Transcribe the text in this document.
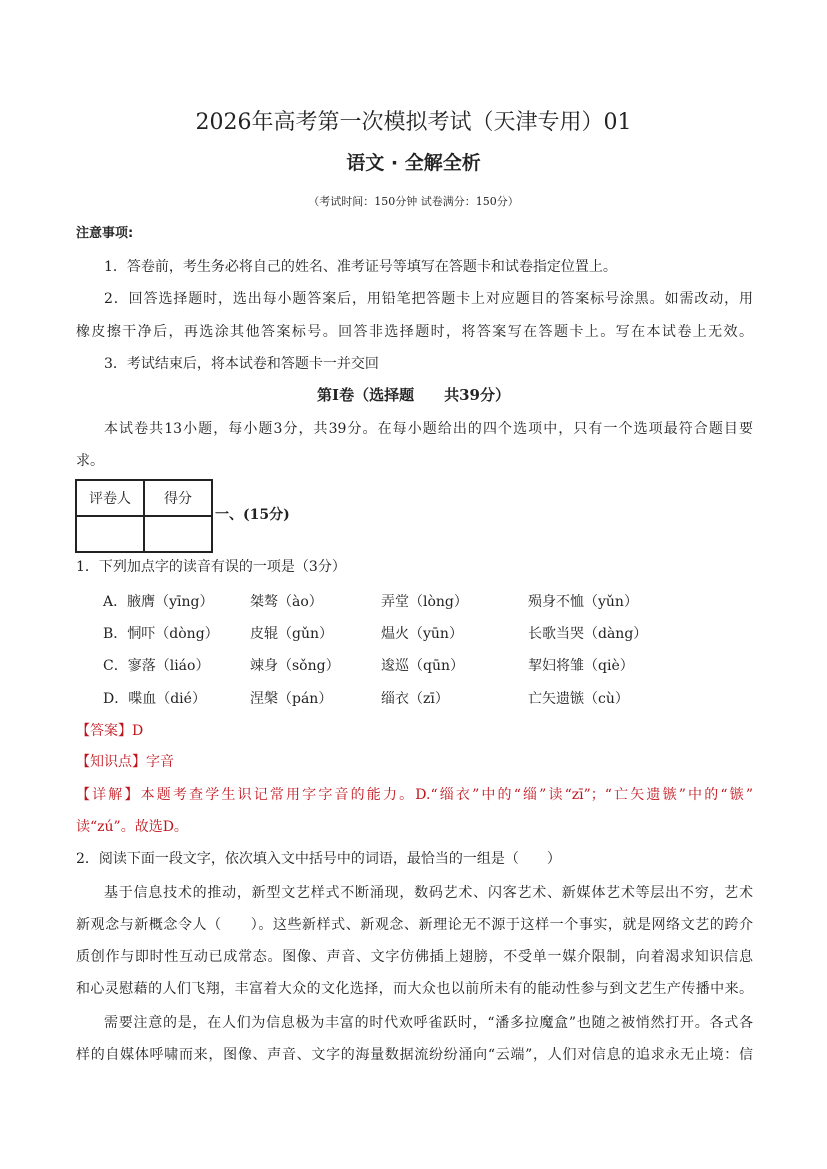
2026年高考第一次模拟考试（天津专用）01
语文 · 全解全析
（考试时间：150分钟 试卷满分：150分）
注意事项:
1．答卷前，考生务必将自己的姓名、准考证号等填写在答题卡和试卷指定位置上。
2．回答选择题时，选出每小题答案后，用铅笔把答题卡上对应题目的答案标号涂黑。如需改动，用
橡皮擦干净后，再选涂其他答案标号。回答非选择题时，将答案写在答题卡上。写在本试卷上无效。
3．考试结束后，将本试卷和答题卡一并交回
第Ⅰ卷（选择题　　共39分）
本试卷共13小题，每小题3分，共39分。在每小题给出的四个选项中，只有一个选项最符合题目要
求。
评卷人	得分

一、(15分)
1．下列加点字的读音有误的一项是（3分）
A．腋膺（yīng）	桀骜（ào）	弄堂（lòng）	殒身不恤（yǔn）
B．恫吓（dòng） 皮辊（gǔn）	煴火（yūn）	长歌当哭（dàng）
C．寥落（liáo）	竦身（sǒng）	逡巡（qūn）	挈妇将雏（qiè）
D．喋血（dié）	涅槃（pán）	缁衣（zī）	亡矢遗镞（cù）
【答案】D
【知识点】字音
【详解】本题考查学生识记常用字字音的能力。D.“缁衣”中的“缁”读“zī”；“亡矢遗镞”中的“镞”
读“zú”。故选D。
2．阅读下面一段文字，依次填入文中括号中的词语，最恰当的一组是（　　）
基于信息技术的推动，新型文艺样式不断涌现，数码艺术、闪客艺术、新媒体艺术等层出不穷，艺术
新观念与新概念令人（　　）。这些新样式、新观念、新理论无不源于这样一个事实，就是网络文艺的跨介
质创作与即时性互动已成常态。图像、声音、文字仿佛插上翅膀，不受单一媒介限制，向着渴求知识信息
和心灵慰藉的人们飞翔，丰富着大众的文化选择，而大众也以前所未有的能动性参与到文艺生产传播中来。
需要注意的是，在人们为信息极为丰富的时代欢呼雀跃时，“潘多拉魔盒”也随之被悄然打开。各式各
样的自媒体呼啸而来，图像、声音、文字的海量数据流纷纷涌向“云端”，人们对信息的追求永无止境：信
